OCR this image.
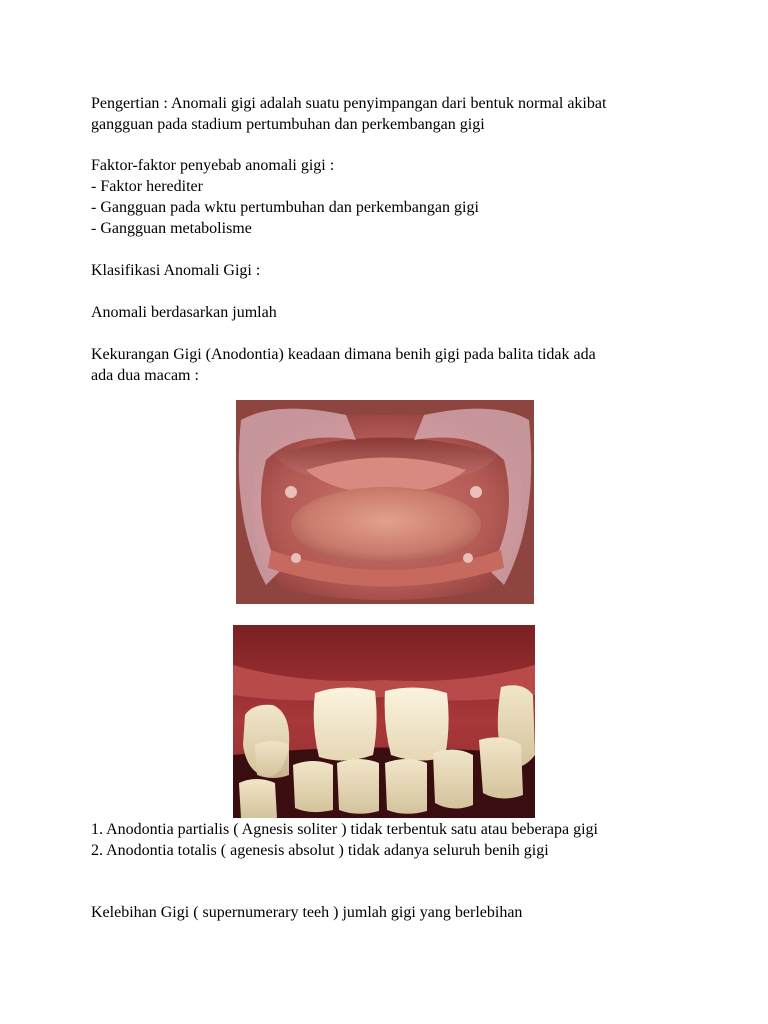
Pengertian : Anomali gigi adalah suatu penyimpangan dari bentuk normal akibat
gangguan pada stadium pertumbuhan dan perkembangan gigi
Faktor-faktor penyebab anomali gigi :
- Faktor herediter
- Gangguan pada wktu pertumbuhan dan perkembangan gigi
- Gangguan metabolisme
Klasifikasi Anomali Gigi :
Anomali berdasarkan jumlah
Kekurangan Gigi (Anodontia) keadaan dimana benih gigi pada balita tidak ada
ada dua macam :
1. Anodontia partialis ( Agnesis soliter ) tidak terbentuk satu atau beberapa gigi
2. Anodontia totalis ( agenesis absolut ) tidak adanya seluruh benih gigi
Kelebihan Gigi ( supernumerary teeh ) jumlah gigi yang berlebihan
